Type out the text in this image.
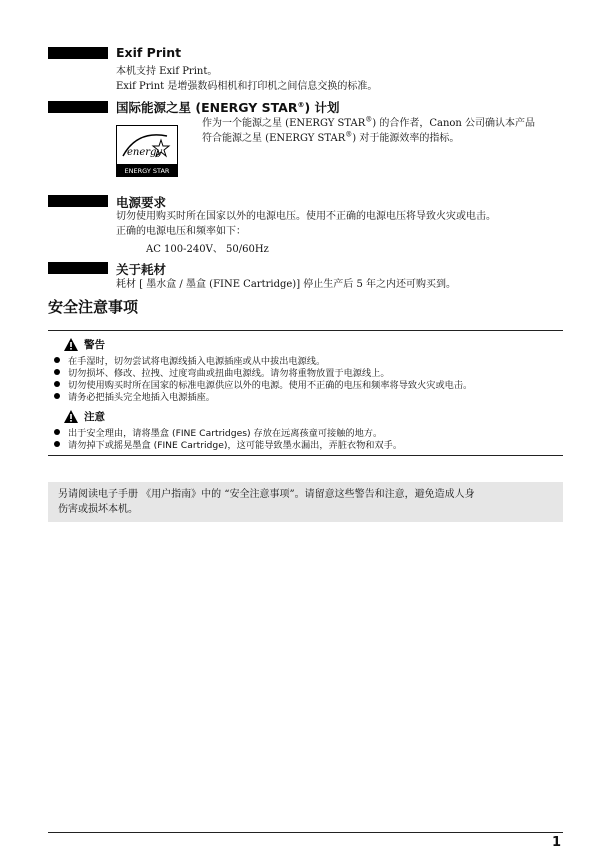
Exif Print
本机支持 Exif Print。
Exif Print 是增强数码相机和打印机之间信息交换的标准。
国际能源之星 (ENERGY STAR®) 计划
作为一个能源之星 (ENERGY STAR®) 的合作者，Canon 公司确认本产品
符合能源之星 (ENERGY STAR®) 对于能源效率的指标。
energy
ENERGY STAR
电源要求
切勿使用购买时所在国家以外的电源电压。使用不正确的电源电压将导致火灾或电击。
正确的电源电压和频率如下：
AC 100-240V、 50/60Hz
关于耗材
耗材 [ 墨水盒 / 墨盒 (FINE Cartridge)] 停止生产后 5 年之内还可购买到。
安全注意事项
警告
在手湿时，切勿尝试将电源线插入电源插座或从中拔出电源线。
切勿损坏、修改、拉拽、过度弯曲或扭曲电源线。请勿将重物放置于电源线上。
切勿使用购买时所在国家的标准电源供应以外的电源。使用不正确的电压和频率将导致火灾或电击。
请务必把插头完全地插入电源插座。
注意
出于安全理由，请将墨盒 (FINE Cartridges) 存放在远离孩童可接触的地方。
请勿掉下或摇晃墨盒 (FINE Cartridge)，这可能导致墨水漏出，弄脏衣物和双手。
另请阅读电子手册 《用户指南》中的 “安全注意事项”。请留意这些警告和注意，避免造成人身
伤害或损坏本机。
1
